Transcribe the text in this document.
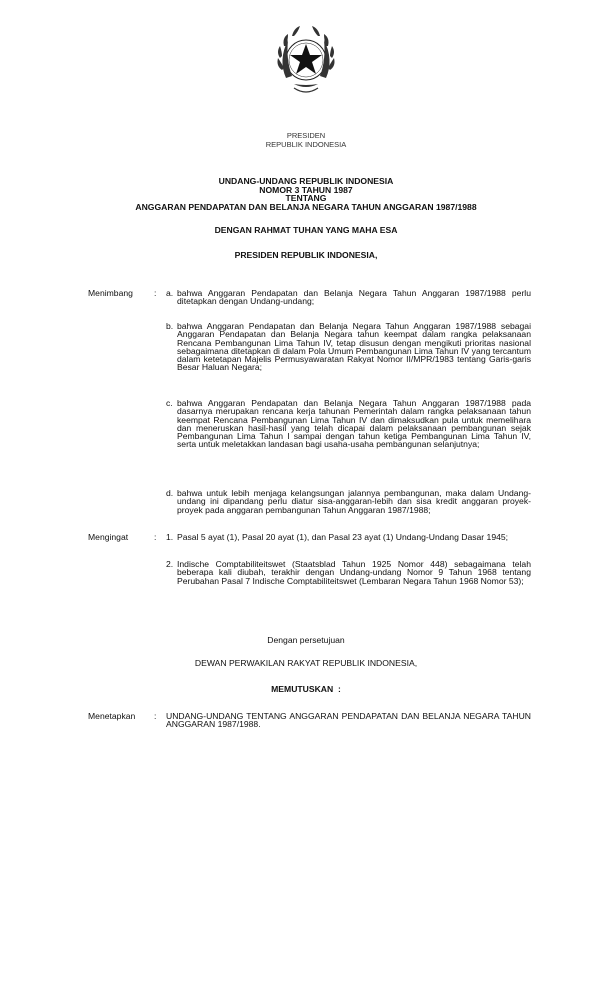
PRESIDEN
REPUBLIK INDONESIA
UNDANG-UNDANG REPUBLIK INDONESIA
NOMOR 3 TAHUN 1987
TENTANG
ANGGARAN PENDAPATAN DAN BELANJA NEGARA TAHUN ANGGARAN 1987/1988
DENGAN RAHMAT TUHAN YANG MAHA ESA
PRESIDEN REPUBLIK INDONESIA,
Menimbang : a. bahwa Anggaran Pendapatan dan Belanja Negara Tahun Anggaran 1987/1988 perlu ditetapkan dengan Undang-undang;
b. bahwa Anggaran Pendapatan dan Belanja Negara Tahun Anggaran 1987/1988 sebagai Anggaran Pendapatan dan Belanja Negara tahun keempat dalam rangka pelaksanaan Rencana Pembangunan Lima Tahun IV, tetap disusun dengan mengikuti prioritas nasional sebagaimana ditetapkan di dalam Pola Umum Pembangunan Lima Tahun IV yang tercantum dalam ketetapan Majelis Permusyawaratan Rakyat Nomor II/MPR/1983 tentang Garis-garis Besar Haluan Negara;
c. bahwa Anggaran Pendapatan dan Belanja Negara Tahun Anggaran 1987/1988 pada dasarnya merupakan rencana kerja tahunan Pemerintah dalam rangka pelaksanaan tahun keempat Rencana Pembangunan Lima Tahun IV dan dimaksudkan pula untuk memelihara dan meneruskan hasil-hasil yang telah dicapai dalam pelaksanaan pembangunan sejak Pembangunan Lima Tahun I sampai dengan tahun ketiga Pembangunan Lima Tahun IV, serta untuk meletakkan landasan bagi usaha-usaha pembangunan selanjutnya;
d. bahwa untuk lebih menjaga kelangsungan jalannya pembangunan, maka dalam Undang-undang ini dipandang perlu diatur sisa-anggaran-lebih dan sisa kredit anggaran proyek-proyek pada anggaran pembangunan Tahun Anggaran 1987/1988;
Mengingat	: 1. Pasal 5 ayat (1), Pasal 20 ayat (1), dan Pasal 23 ayat (1) Undang-Undang Dasar 1945;
2. Indische Comptabiliteitswet (Staatsblad Tahun 1925 Nomor 448) sebagaimana telah beberapa kali diubah, terakhir dengan Undang-undang Nomor 9 Tahun 1968 tentang Perubahan Pasal 7 Indische Comptabiliteitswet (Lembaran Negara Tahun 1968 Nomor 53);
Dengan persetujuan
DEWAN PERWAKILAN RAKYAT REPUBLIK INDONESIA,
MEMUTUSKAN  :
Menetapkan : UNDANG-UNDANG TENTANG ANGGARAN PENDAPATAN DAN BELANJA NEGARA TAHUN ANGGARAN 1987/1988.
